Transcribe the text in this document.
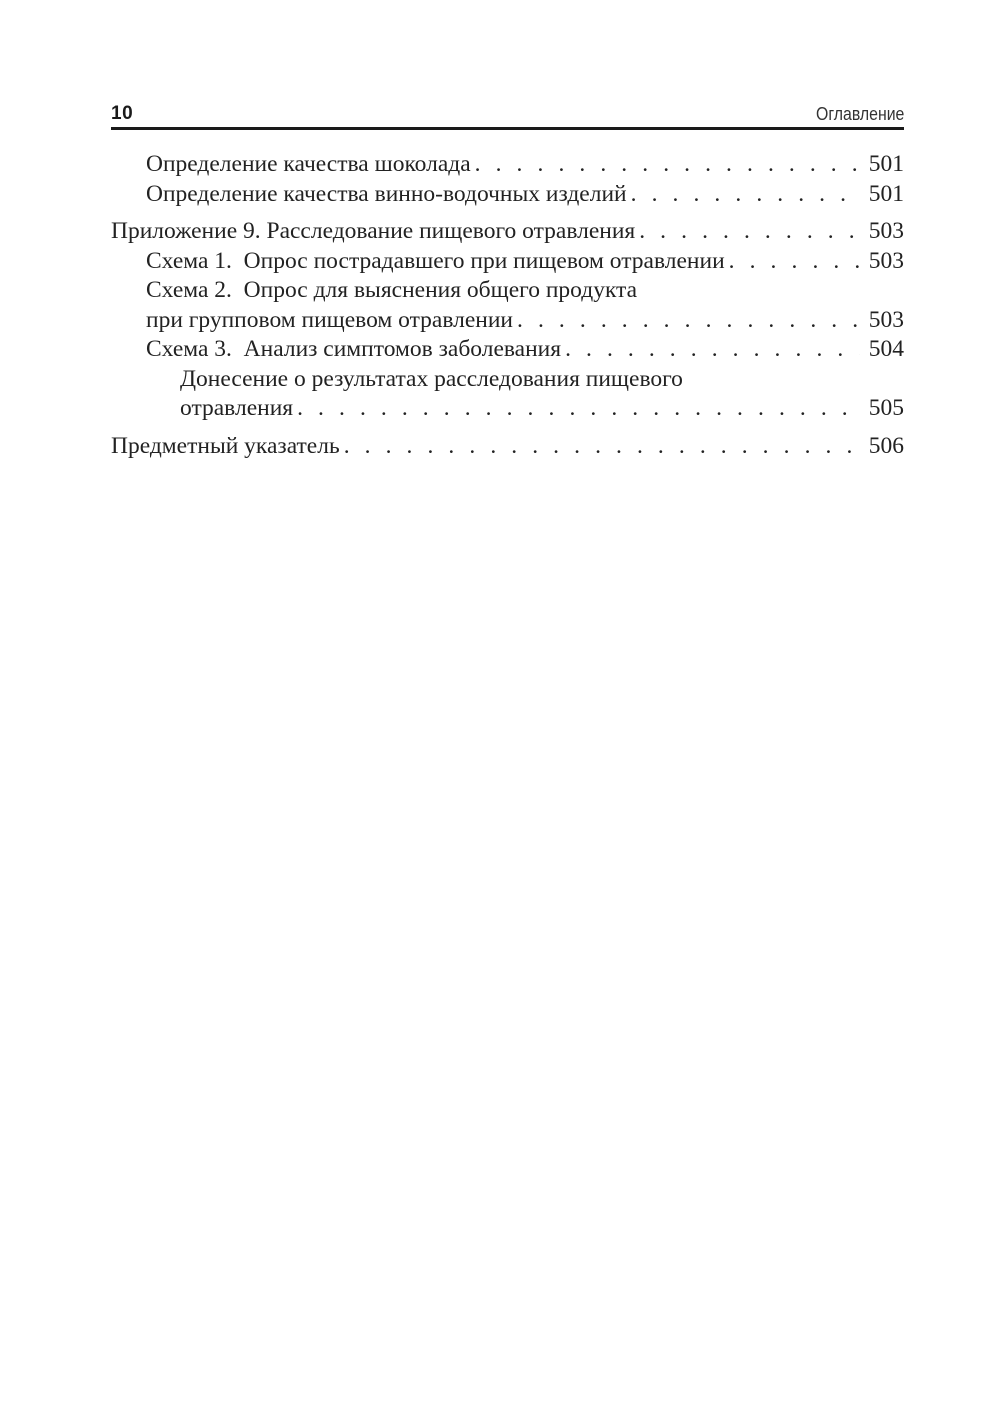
10	Оглавление
Определение качества шоколада . . .	501
Определение качества винно-водочных изделий . . .	501
Приложение 9. Расследование пищевого отравления . . .	503
Схема 1.  Опрос пострадавшего при пищевом отравлении . . .	503
Схема 2.  Опрос для выяснения общего продукта
при групповом пищевом отравлении . . .	503
Схема 3.  Анализ симптомов заболевания . . .	504
Донесение о результатах расследования пищевого
отравления . . .	505
Предметный указатель . . .	506
